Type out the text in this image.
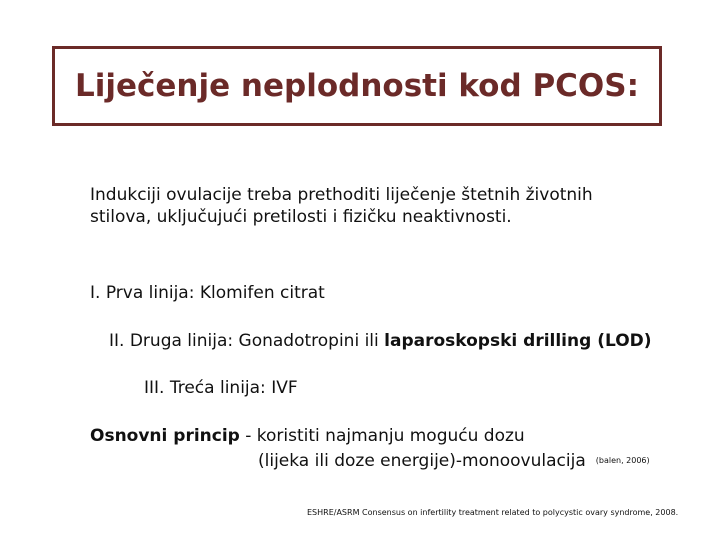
Liječenje neplodnosti kod PCOS:
Indukciji ovulacije treba prethoditi liječenje štetnih životnih
stilova, uključujući pretilosti i fizičku neaktivnosti.
I. Prva linija: Klomifen citrat
II. Druga linija: Gonadotropini ili laparoskopski drilling (LOD)
III. Treća linija: IVF
Osnovni princip - koristiti najmanju moguću dozu
(lijeka ili doze energije)-monoovulacija (balen, 2006)
ESHRE/ASRM Consensus on infertility treatment related to polycystic ovary syndrome, 2008.
